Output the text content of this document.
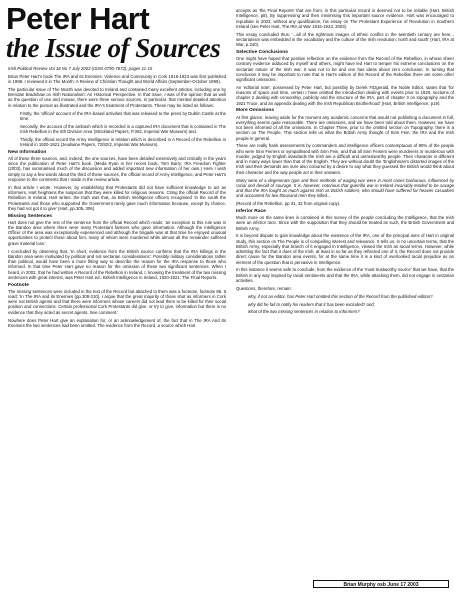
Peter Hart
the Issue of Sources

Irish Political Review Vol 18 No 7 July 2003 (ISSN 0790-7672), pages 11-15

Brian Peter Hart's book The IRA and its Enemies: Violence and Community in Cork 1916-1923 was first published in 1998. I reviewed it in The Month: A Review of Christian Thought and World Affairs (September-October 1999).

The particular issue of The Month was devoted to Ireland and contained many excellent articles, including one by Brendan Bradshaw on Irish Nationalism: An Historical Perspective. In that issue, I was of the opinion that as well as the question of use and misuse, there were three serious sources, in particular, that merited detailed attention in relation to the pursuit as illustrated and the IRA's treatment of Protestants. These may be listed as follows:

Firstly, the 'official' account of the IRA-based activities that was released to the press by Dublin Castle at the time.

Secondly, the account of the ambush which is recorded in a captured IRA document that is contained in The Irish Rebellion in the 6th Division Area (Strickland Papers, P.362, Imperial War Museum) and.

Thirdly, the official record the Army Intelligence in relation which is described in A Record of the Rebellion in Ireland in 1920-1921 (Jeudwine Papers, 72/82/2, Imperial War Museum).

New Information

All of these three sources, and, indeed, the one sources, have been detailed extensively and critically in the years since the publication of Peter Hart's book. (Meda Ryan in her recent book, Tom Barry: IRA Freedom Fighter (2003), has summarised much of the discussion and added important new information of her own.) Here I wish simply to say a few words about the third of these sources, the official record of Army Intelligence, and Peter Hart's response to the comments that I made in the review article.

In that article I wrote: 'However, by establishing that Protestants did not have sufficient knowledge to act as informers, Hart heightens the suspicion that they were killed for religious reasons. Citing the official Record of the Rebellion in Ireland, Hart writes: the truth was that, as British Intelligence officers recognised 'in the south the Protestants and those who supported the Government rarely gave much information because, except by chance, they had not got it to give' (Hart, pp.305, 306).

Missing Sentences

Hart does not give the rest of the sentence from the official Record which reads: 'an exception to this rule was in the Bandon area where there were many Protestant farmers who gave information. Although the Intelligence Officer of the area was exceptionally experienced and although the brigade was at that time he enjoyed unusual opportunities to protect those about him, many of whom were murdered while almost all the remainder suffered grave material loss.'

I concluded by observing that, 'In short, evidence from the British source confirms that the IRA killings in the Bandon area were motivated by political and not sectarian considerations'. Possibly military considerations rather than political, would have been a more fitting way to describe the reason for the IRA response to those who informed. In that time Peter Hart gave no reason for the omission of these two significant sentences. When I heard, in 2002, that he had written A Record of the Rebellion in Ireland, I, knowing the treatment of the two missing sentences with great interest, was Peter Hart ed.: British Intelligence in Ireland, 1920-1921: The Final Reports.

Footnote

The missing sentences were included in the text of the Record but attached to them was a footnote, footnote 86. It read: 'In The IRA and its Enemies (pp.308-310), I argue that the great majority of those shot as informers in Cork were not British agents and that there were informers whose careers did not lead them to be killed for their social position and connections. Certain professional Cork Protestants did give, or try to give, information but there is no evidence that they acted as secret agents. See comment.'

Nowhere does Peter Hart give an explanation for, or an acknowledgement of, the fact that in The IRA And Its Enemies the two sentences had been omitted. The evidence from the Record, a source which Hart

accepts as 'the Final Reports' that are from, in this particular record is deemed not to be reliable (Hart, British Intelligence, p8). By suppressing and then minimising this important source evidence, Hart was encouraged to repudiate in 2003, without any qualification, his essay on The Protestant Experience of Revolution in Southern Ireland (see Peter Hart, The IRA at War 1916-1923, 2003).

This essay concluded thus: '...all of the rightmost images of ethnic conflict in the twentieth century are here... sectarianism was embedded in the vocabulary and the culture of the Irish revolution: north and south' (Hart, IRA at War, p.240).

Selective Conclusions

One might have hoped that positive reflection on the evidence from the Record of the Rebellion, in whose sheer contrary evidence adduced by myself and others, might have led Hart to temper his extreme conclusions on the sectarian nature of the Irish war. It was not to be and one has ideas about zero conclusion. In turning that conclusion it may be important to note that in Hart's edition of the Record of the Rebellion there are some other significant omissions.

An 'editorial note', possessed by Peter Hart, but possibly by Derek Fitzgerald, the Noble Editor, states that 'for reasons of space and time, certain I have omitted the introduction dealing with events prior to 1920, sections of chapter 2 dealing with censorship, publicity and the structure of the IRA, part of chapter 3 on topography and the 1921 Truce, and an appendix dealing with the Irish Republican Brotherhood' (Hart, British Intelligence, p19).

More Omissions

At first glance, leaving aside for the moment any academic concerns that would not publishing a document in full, everything seems quite reasonable. There are omissions, and we have been told about them. However, we have not been informed of all the omissions. In Chapter Three, prior to the omitted section on Topography, there is a section on The People. This section tells us what the British Army thought of Sinn Fein, the IRA and the Irish people in general.

These are really frank assessments by commanders and intelligence officers contemptuous of 80% of the people who were Sinn Feiners or sympathised with Sinn Fein, and that all Sinn Feiners were murderers or murderous with murder, judged by English standards the Irish are a difficult and untrustworthy people. Their character is different and in many ways lower than that of the English. They are without doubt the 'Englishman's distorted images of the Irish and their demands are sure also coloured by a desire to say what they guessed the British would think about their character and the way people act in their answers.

Many were of a degenerate type and their methods of waging war were in most cases barbarous, influenced by racial and devoid of courage. It is, however, notorious that guerrilla war in Ireland invariably tended to be savage and that the IRA fought as much against Irish as British soldiers, who should have suffered far heavier casualties and accounted for two thousand men they killed...

(Record of the Rebellion, pp 31, 32 from original copy).

Inferior Race

Much more on the same lines is contained in this survey of the people concluding the Intelligence, that the Irish were an inferior race. Since with the supposition that they should be treated as such, the British Government and British Army.

It is beyond dispute to gain knowledge about the existence of the IRA, one of the principal aims of Hart in original study, this section on The People is of compelling interest and relevance. It tells us, in no uncertain terms, that the British Army, especially that branch of it engaged in Intelligence, viewed the Irish as racial terms. However, while admitting the fact that it does of the Irish, at least in so far as they reflected one of it, the Record does not provide direct cause for the Bandon area events, for at the same time it is a kind of overlooked racial prejudice as an element of the question that is pervasive in Intelligence.

In this instance it seems safe to conclude, from the evidence of the 'most trustworthy source' that we have, that the British in any way inspired by racial sentiments and that the IRA, while attacking them, did not engage in sectarian activities.

Questions, therefore, remain:

why, if not an editor, has Peter Hart omitted this section of the Record from the published edition?

why did he fail to notify his readers that it has been excluded? and;

what of the two missing sentences in relation to informers?

Brian Murphy osb June 17 2003
